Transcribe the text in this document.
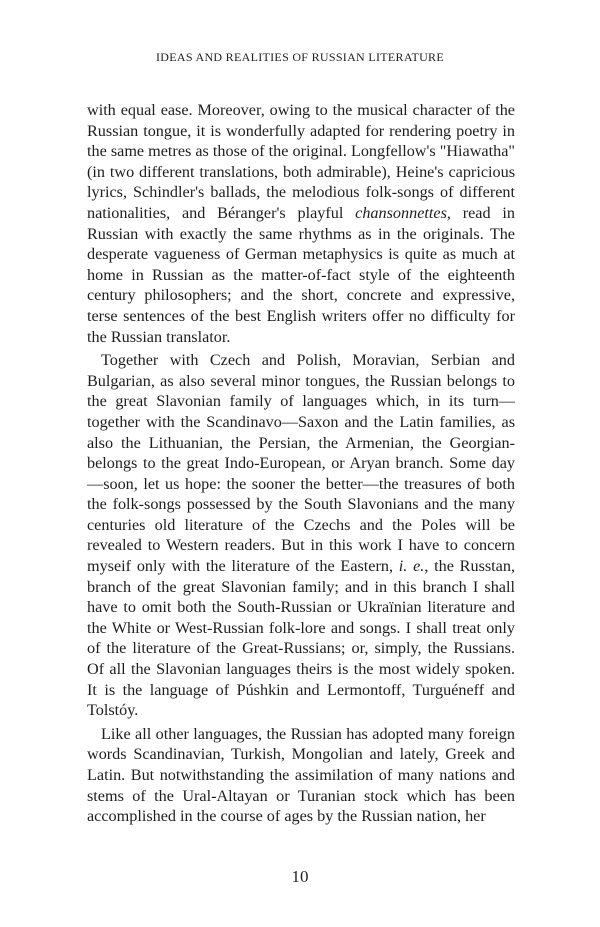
IDEAS AND REALITIES OF RUSSIAN LITERATURE

with equal ease. Moreover, owing to the musical character of the Russian tongue, it is wonderfully adapted for rendering poetry in the same metres as those of the original. Longfellow's "Hiawatha" (in two different translations, both admirable), Heine's capricious lyrics, Schindler's ballads, the melodious folk-songs of different nationalities, and Béranger's playful chansonnettes, read in Russian with exactly the same rhythms as in the originals. The desperate vagueness of German metaphysics is quite as much at home in Russian as the matter-of-fact style of the eighteenth century philosophers; and the short, concrete and expressive, terse sentences of the best English writers offer no difficulty for the Russian translator.

Together with Czech and Polish, Moravian, Serbian and Bulgarian, as also several minor tongues, the Russian belongs to the great Slavonian family of languages which, in its turn—together with the Scandinavo—Saxon and the Latin families, as also the Lithuanian, the Persian, the Armenian, the Georgian-belongs to the great Indo-European, or Aryan branch. Some day—soon, let us hope: the sooner the better—the treasures of both the folk-songs possessed by the South Slavonians and the many centuries old literature of the Czechs and the Poles will be revealed to Western readers. But in this work I have to concern myseif only with the literature of the Eastern, i. e., the Russtan, branch of the great Slavonian family; and in this branch I shall have to omit both the South-Russian or Ukraïnian literature and the White or West-Russian folk-lore and songs. I shall treat only of the literature of the Great-Russians; or, simply, the Russians. Of all the Slavonian languages theirs is the most widely spoken. It is the language of Púshkin and Lermontoff, Turguéneff and Tolstóy.

Like all other languages, the Russian has adopted many foreign words Scandinavian, Turkish, Mongolian and lately, Greek and Latin. But notwithstanding the assimilation of many nations and stems of the Ural-Altayan or Turanian stock which has been accomplished in the course of ages by the Russian nation, her

10
